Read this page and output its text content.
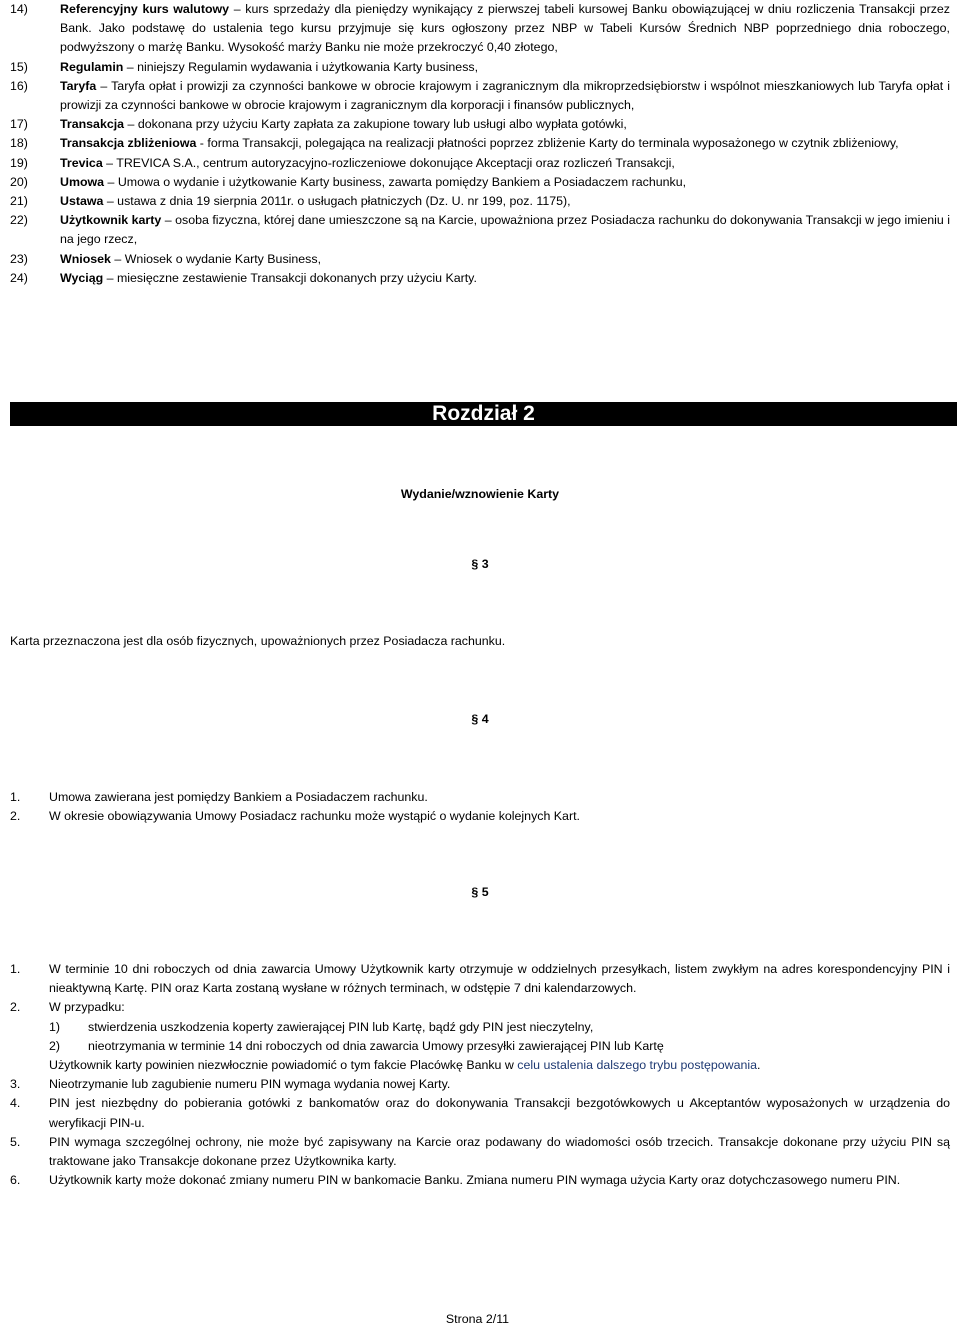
14)	Referencyjny kurs walutowy – kurs sprzedaży dla pieniędzy wynikający z pierwszej tabeli kursowej Banku obowiązującej w dniu rozliczenia Transakcji przez Bank. Jako podstawę do ustalenia tego kursu przyjmuje się kurs ogłoszony przez NBP w Tabeli Kursów Średnich NBP poprzedniego dnia roboczego, podwyższony o marżę Banku. Wysokość marży Banku nie może przekroczyć 0,40 złotego,
15)	Regulamin – niniejszy Regulamin wydawania i użytkowania Karty business,
16)	Taryfa – Taryfa opłat i prowizji za czynności bankowe w obrocie krajowym i zagranicznym dla mikroprzedsiębiorstw i wspólnot mieszkaniowych lub Taryfa opłat i prowizji za czynności bankowe w obrocie krajowym i zagranicznym dla korporacji i finansów publicznych,
17)	Transakcja – dokonana przy użyciu Karty zapłata za zakupione towary lub usługi albo wypłata gotówki,
18)	Transakcja zbliżeniowa - forma Transakcji, polegająca na realizacji płatności poprzez zbliżenie Karty do terminala wyposażonego w czytnik zbliżeniowy,
19)	Trevica – TREVICA S.A., centrum autoryzacyjno-rozliczeniowe dokonujące Akceptacji oraz rozliczeń Transakcji,
20)	Umowa – Umowa o wydanie i użytkowanie Karty business, zawarta pomiędzy Bankiem a Posiadaczem rachunku,
21)	Ustawa – ustawa z dnia 19 sierpnia 2011r. o usługach płatniczych (Dz. U. nr 199, poz. 1175),
22)	Użytkownik karty – osoba fizyczna, której dane umieszczone są na Karcie, upoważniona przez Posiadacza rachunku do dokonywania Transakcji w jego imieniu i na jego rzecz,
23)	Wniosek – Wniosek o wydanie Karty Business,
24)	Wyciąg – miesięczne zestawienie Transakcji dokonanych przy użyciu Karty.
Rozdział 2
Wydanie/wznowienie Karty
§ 3
Karta przeznaczona jest dla osób fizycznych, upoważnionych przez Posiadacza rachunku.
§ 4
1.	Umowa zawierana jest pomiędzy Bankiem a Posiadaczem rachunku.
2.	W okresie obowiązywania Umowy Posiadacz rachunku może wystąpić o wydanie kolejnych Kart.
§ 5
1.	W terminie 10 dni roboczych od dnia zawarcia Umowy Użytkownik karty otrzymuje w oddzielnych przesyłkach, listem zwykłym na adres korespondencyjny PIN i nieaktywną Kartę. PIN oraz Karta zostaną wysłane w różnych terminach, w odstępie 7 dni kalendarzowych.
2.	W przypadku:
1)	stwierdzenia uszkodzenia koperty zawierającej PIN lub Kartę, bądź gdy PIN jest nieczytelny,
2)	nieotrzymania w terminie 14 dni roboczych od dnia zawarcia Umowy przesyłki zawierającej PIN lub Kartę
Użytkownik karty powinien niezwłocznie powiadomić o tym fakcie Placówkę Banku w celu ustalenia dalszego trybu postępowania.
3.	Nieotrzymanie lub zagubienie numeru PIN wymaga wydania nowej Karty.
4.	PIN jest niezbędny do pobierania gotówki z bankomatów oraz do dokonywania Transakcji bezgotówkowych u Akceptantów wyposażonych w urządzenia do weryfikacji PIN-u.
5.	PIN wymaga szczególnej ochrony, nie może być zapisywany na Karcie oraz podawany do wiadomości osób trzecich. Transakcje dokonane przy użyciu PIN są traktowane jako Transakcje dokonane przez Użytkownika karty.
6.	Użytkownik karty może dokonać zmiany numeru PIN w bankomacie Banku. Zmiana numeru PIN wymaga użycia Karty oraz dotychczasowego numeru PIN.
Strona 2/11
